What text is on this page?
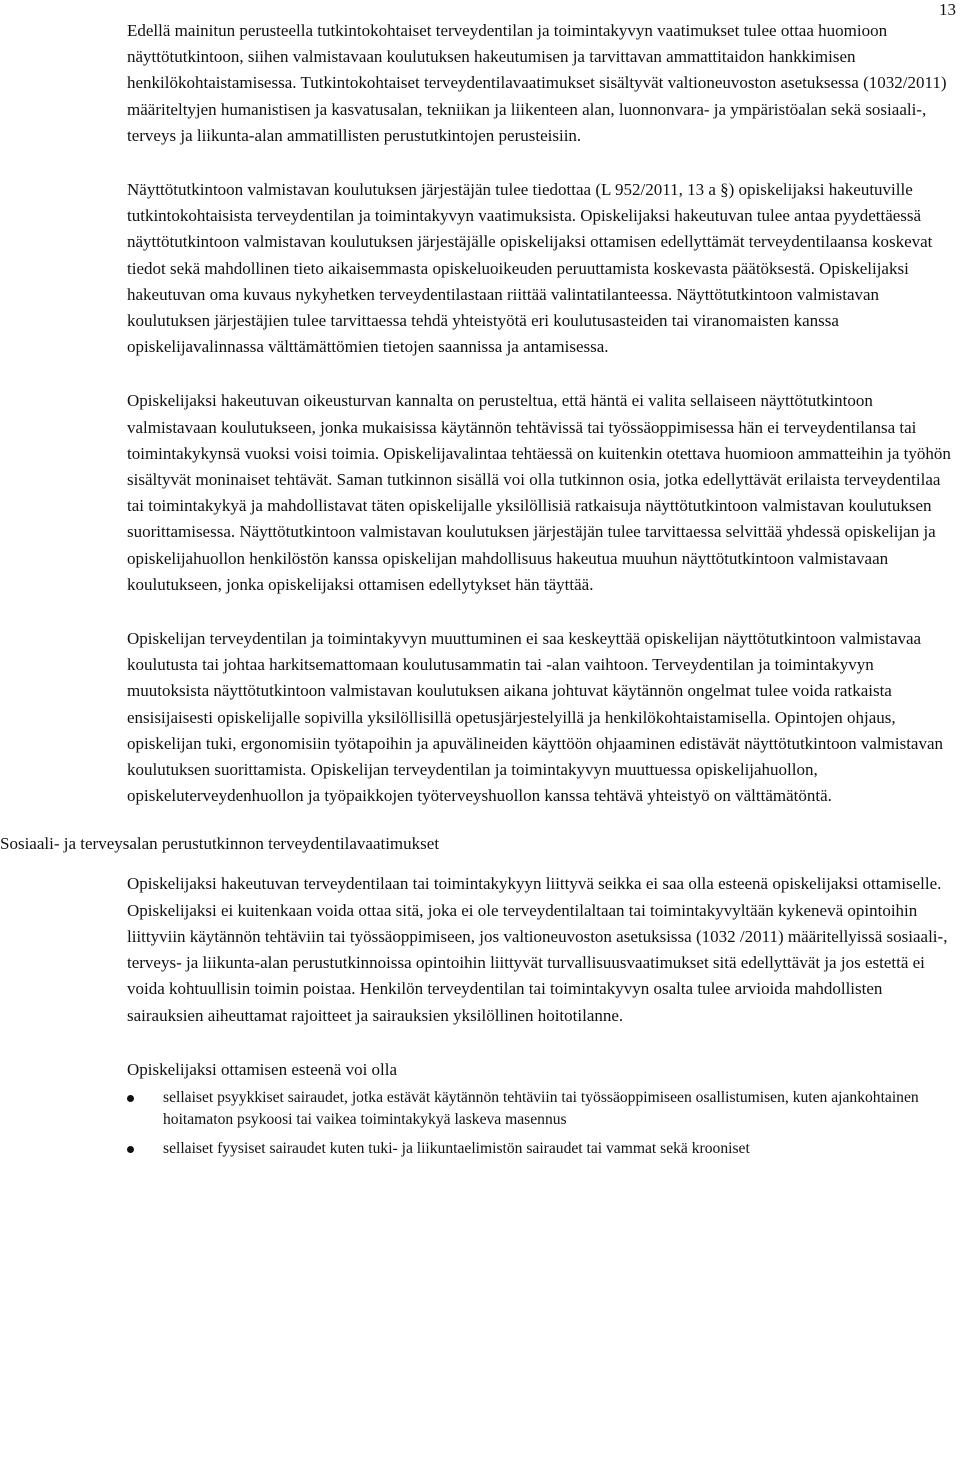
13

Edellä mainitun perusteella tutkintokohtaiset terveydentilan ja toimintakyvyn vaatimukset tulee ottaa huomioon näyttötutkintoon, siihen valmistavaan koulutuksen hakeutumisen ja tarvittavan ammattitaidon hankkimisen henkilökohtaistamisessa. Tutkintokohtaiset terveydentilavaatimukset sisältyvät valtioneuvoston asetuksessa (1032/2011) määriteltyjen humanistisen ja kasvatusalan, tekniikan ja liikenteen alan, luonnonvara- ja ympäristöalan sekä sosiaali-, terveys ja liikunta-alan ammatillisten perustutkintojen perusteisiin.

Näyttötutkintoon valmistavan koulutuksen järjestäjän tulee tiedottaa (L 952/2011, 13 a §) opiskelijaksi hakeutuville tutkintokohtaisista terveydentilan ja toimintakyvyn vaatimuksista. Opiskelijaksi hakeutuvan tulee antaa pyydettäessä näyttötutkintoon valmistavan koulutuksen järjestäjälle opiskelijaksi ottamisen edellyttämät terveydentilaansa koskevat tiedot sekä mahdollinen tieto aikaisemmasta opiskeluoikeuden peruuttamista koskevasta päätöksestä. Opiskelijaksi hakeutuvan oma kuvaus nykyhetken terveydentilastaan riittää valintatilanteessa. Näyttötutkintoon valmistavan koulutuksen järjestäjien tulee tarvittaessa tehdä yhteistyötä eri koulutusasteiden tai viranomaisten kanssa opiskelijavalinnassa välttämättömien tietojen saannissa ja antamisessa.

Opiskelijaksi hakeutuvan oikeusturvan kannalta on perusteltua, että häntä ei valita sellaiseen näyttötutkintoon valmistavaan koulutukseen, jonka mukaisissa käytännön tehtävissä tai työssäoppimisessa hän ei terveydentilansa tai toimintakykynsä vuoksi voisi toimia. Opiskelijavalintaa tehtäessä on kuitenkin otettava huomioon ammatteihin ja työhön sisältyvät moninaiset tehtävät. Saman tutkinnon sisällä voi olla tutkinnon osia, jotka edellyttävät erilaista terveydentilaa tai toimintakykyä ja mahdollistavat täten opiskelijalle yksilöllisiä ratkaisuja näyttötutkintoon valmistavan koulutuksen suorittamisessa. Näyttötutkintoon valmistavan koulutuksen järjestäjän tulee tarvittaessa selvittää yhdessä opiskelijan ja opiskelijahuollon henkilöstön kanssa opiskelijan mahdollisuus hakeutua muuhun näyttötutkintoon valmistavaan koulutukseen, jonka opiskelijaksi ottamisen edellytykset hän täyttää.

Opiskelijan terveydentilan ja toimintakyvyn muuttuminen ei saa keskeyttää opiskelijan näyttötutkintoon valmistavaa koulutusta tai johtaa harkitsemattomaan koulutusammatin tai -alan vaihtoon. Terveydentilan ja toimintakyvyn muutoksista näyttötutkintoon valmistavan koulutuksen aikana johtuvat käytännön ongelmat tulee voida ratkaista ensisijaisesti opiskelijalle sopivilla yksilöllisillä opetusjärjestelyillä ja henkilökohtaistamisella. Opintojen ohjaus, opiskelijan tuki, ergonomisiin työtapoihin ja apuvälineiden käyttöön ohjaaminen edistävät näyttötutkintoon valmistavan koulutuksen suorittamista. Opiskelijan terveydentilan ja toimintakyvyn muuttuessa opiskelijahuollon, opiskeluterveydenhuollon ja työpaikkojen työterveyshuollon kanssa tehtävä yhteistyö on välttämätöntä.

Sosiaali- ja terveysalan perustutkinnon terveydentilavaatimukset

Opiskelijaksi hakeutuvan terveydentilaan tai toimintakykyyn liittyvä seikka ei saa olla esteenä opiskelijaksi ottamiselle. Opiskelijaksi ei kuitenkaan voida ottaa sitä, joka ei ole terveydentilaltaan tai toimintakyvyltään kykenevä opintoihin liittyviin käytännön tehtäviin tai työssäoppimiseen, jos valtioneuvoston asetuksissa (1032 /2011) määritellyissä sosiaali-, terveys- ja liikunta-alan perustutkinnoissa opintoihin liittyvät turvallisuusvaatimukset sitä edellyttävät ja jos estettä ei voida kohtuullisin toimin poistaa. Henkilön terveydentilan tai toimintakyvyn osalta tulee arvioida mahdollisten sairauksien aiheuttamat rajoitteet ja sairauksien yksilöllinen hoitotilanne.

Opiskelijaksi ottamisen esteenä voi olla
sellaiset psyykkiset sairaudet, jotka estävät käytännön tehtäviin tai työssäoppimiseen osallistumisen, kuten ajankohtainen hoitamaton psykoosi tai vaikea toimintakykyä laskeva masennus
sellaiset fyysiset sairaudet kuten tuki- ja liikuntaelimistön sairaudet tai vammat sekä krooniset
